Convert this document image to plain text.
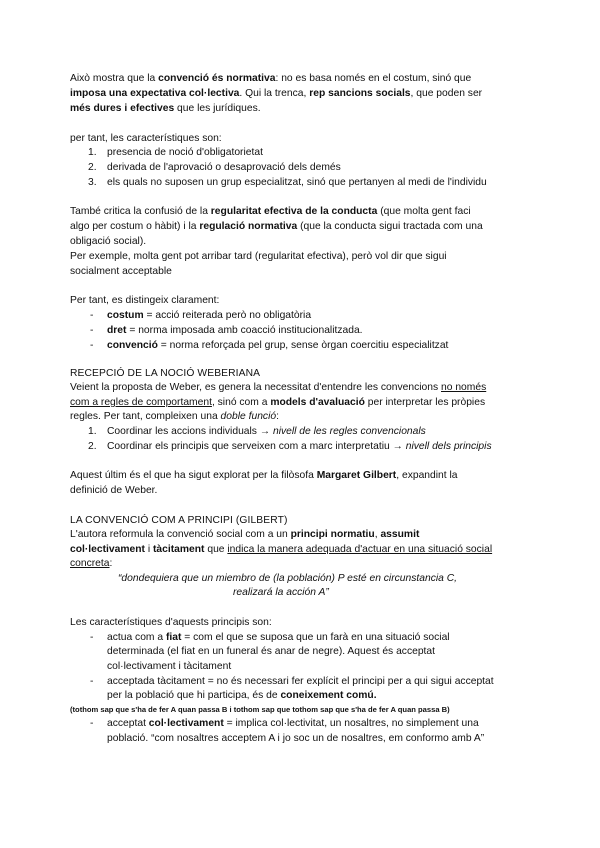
Això mostra que la convenció és normativa: no es basa només en el costum, sinó que
imposa una expectativa col·lectiva. Qui la trenca, rep sancions socials, que poden ser
més dures i efectives que les jurídiques.
per tant, les característiques son:
1. presencia de noció d'obligatorietat
2. derivada de l'aprovació o desaprovació dels demés
3. els quals no suposen un grup especialitzat, sinó que pertanyen al medi de l'individu
També critica la confusió de la regularitat efectiva de la conducta (que molta gent faci
algo per costum o hàbit) i la regulació normativa (que la conducta sigui tractada com una
obligació social).
Per exemple, molta gent pot arribar tard (regularitat efectiva), però vol dir que sigui
socialment acceptable
Per tant, es distingeix clarament:
- costum = acció reiterada però no obligatòria
- dret = norma imposada amb coacció institucionalitzada.
- convenció = norma reforçada pel grup, sense òrgan coercitiu especialitzat
RECEPCIÓ DE LA NOCIÓ WEBERIANA
Veient la proposta de Weber, es genera la necessitat d'entendre les convencions no només
com a regles de comportament, sinó com a models d'avaluació per interpretar les pròpies
regles. Per tant, compleixen una doble funció:
1. Coordinar les accions individuals → nivell de les regles convencionals
2. Coordinar els principis que serveixen com a marc interpretatiu → nivell dels principis
Aquest últim és el que ha sigut explorat per la filòsofa Margaret Gilbert, expandint la
definició de Weber.
LA CONVENCIÓ COM A PRINCIPI (GILBERT)
L'autora reformula la convenció social com a un principi normatiu, assumit
col·lectivament i tàcitament que indica la manera adequada d'actuar en una situació social
concreta:
“dondequiera que un miembro de (la población) P esté en circunstancia C,
realizará la acción A”
Les característiques d'aquests principis son:
- actua com a fiat = com el que se suposa que un farà en una situació social
determinada (el fiat en un funeral és anar de negre). Aquest és acceptat
col·lectivament i tàcitament
- acceptada tàcitament = no és necessari fer explícit el principi per a qui sigui acceptat
per la població que hi participa, és de coneixement comú.
(tothom sap que s'ha de fer A quan passa B i tothom sap que tothom sap que s'ha de fer A quan passa B)
- acceptat col·lectivament = implica col·lectivitat, un nosaltres, no simplement una
població. “com nosaltres acceptem A i jo soc un de nosaltres, em conformo amb A”
